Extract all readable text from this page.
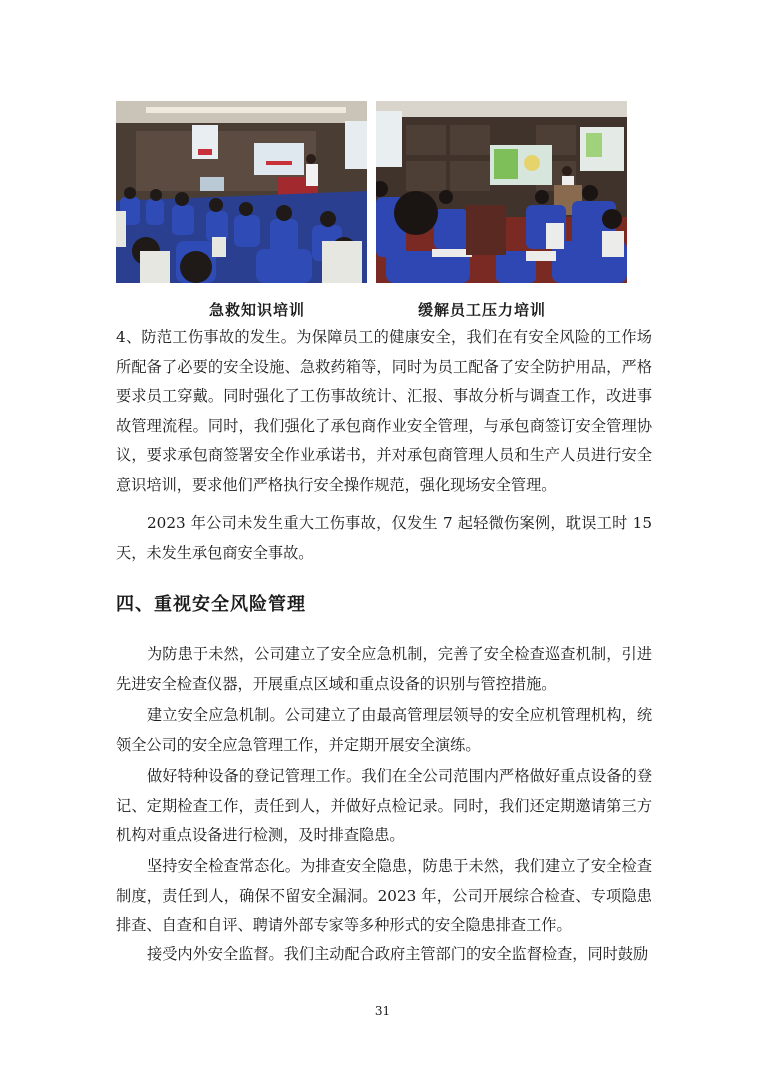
急救知识培训	缓解员工压力培训

4、防范工伤事故的发生。为保障员工的健康安全，我们在有安全风险的工作场所配备了必要的安全设施、急救药箱等，同时为员工配备了安全防护用品，严格要求员工穿戴。同时强化了工伤事故统计、汇报、事故分析与调查工作，改进事故管理流程。同时，我们强化了承包商作业安全管理，与承包商签订安全管理协议，要求承包商签署安全作业承诺书，并对承包商管理人员和生产人员进行安全意识培训，要求他们严格执行安全操作规范，强化现场安全管理。

2023 年公司未发生重大工伤事故，仅发生 7 起轻微伤案例，耽误工时 15 天，未发生承包商安全事故。

四、重视安全风险管理

为防患于未然，公司建立了安全应急机制，完善了安全检查巡查机制，引进先进安全检查仪器，开展重点区域和重点设备的识别与管控措施。

建立安全应急机制。公司建立了由最高管理层领导的安全应机管理机构，统领全公司的安全应急管理工作，并定期开展安全演练。

做好特种设备的登记管理工作。我们在全公司范围内严格做好重点设备的登记、定期检查工作，责任到人，并做好点检记录。同时，我们还定期邀请第三方机构对重点设备进行检测，及时排查隐患。

坚持安全检查常态化。为排查安全隐患，防患于未然，我们建立了安全检查制度，责任到人，确保不留安全漏洞。2023 年，公司开展综合检查、专项隐患排查、自查和自评、聘请外部专家等多种形式的安全隐患排查工作。

接受内外安全监督。我们主动配合政府主管部门的安全监督检查，同时鼓励

31
